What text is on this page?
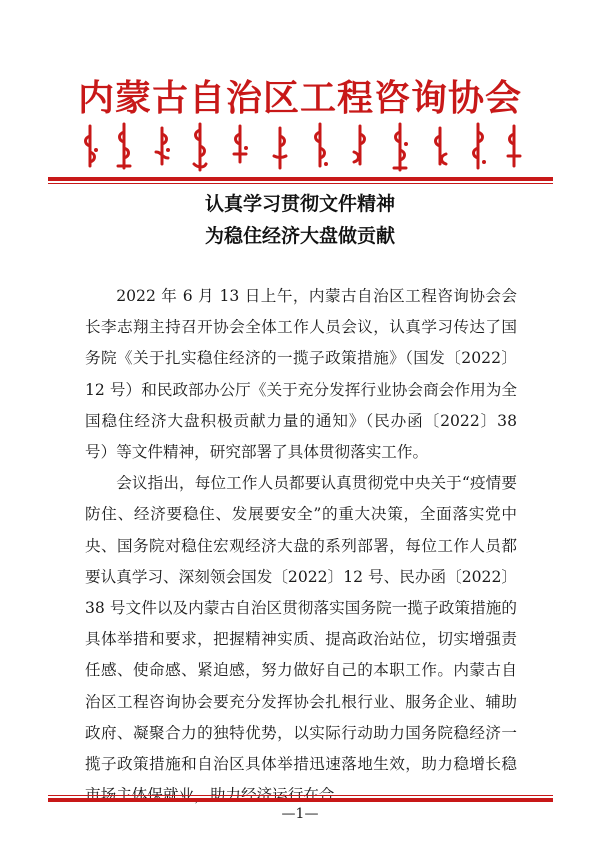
内蒙古自治区工程咨询协会
认真学习贯彻文件精神
为稳住经济大盘做贡献

2022 年 6 月 13 日上午，内蒙古自治区工程咨询协会会长李志翔主持召开协会全体工作人员会议，认真学习传达了国务院《关于扎实稳住经济的一揽子政策措施》（国发〔2022〕12 号）和民政部办公厅《关于充分发挥行业协会商会作用为全国稳住经济大盘积极贡献力量的通知》（民办函〔2022〕38 号）等文件精神，研究部署了具体贯彻落实工作。

会议指出，每位工作人员都要认真贯彻党中央关于“疫情要防住、经济要稳住、发展要安全”的重大决策，全面落实党中央、国务院对稳住宏观经济大盘的系列部署，每位工作人员都要认真学习、深刻领会国发〔2022〕12 号、民办函〔2022〕38 号文件以及内蒙古自治区贯彻落实国务院一揽子政策措施的具体举措和要求，把握精神实质、提高政治站位，切实增强责任感、使命感、紧迫感，努力做好自己的本职工作。内蒙古自治区工程咨询协会要充分发挥协会扎根行业、服务企业、辅助政府、凝聚合力的独特优势，以实际行动助力国务院稳经济一揽子政策措施和自治区具体举措迅速落地生效，助力稳增长稳

—1—
